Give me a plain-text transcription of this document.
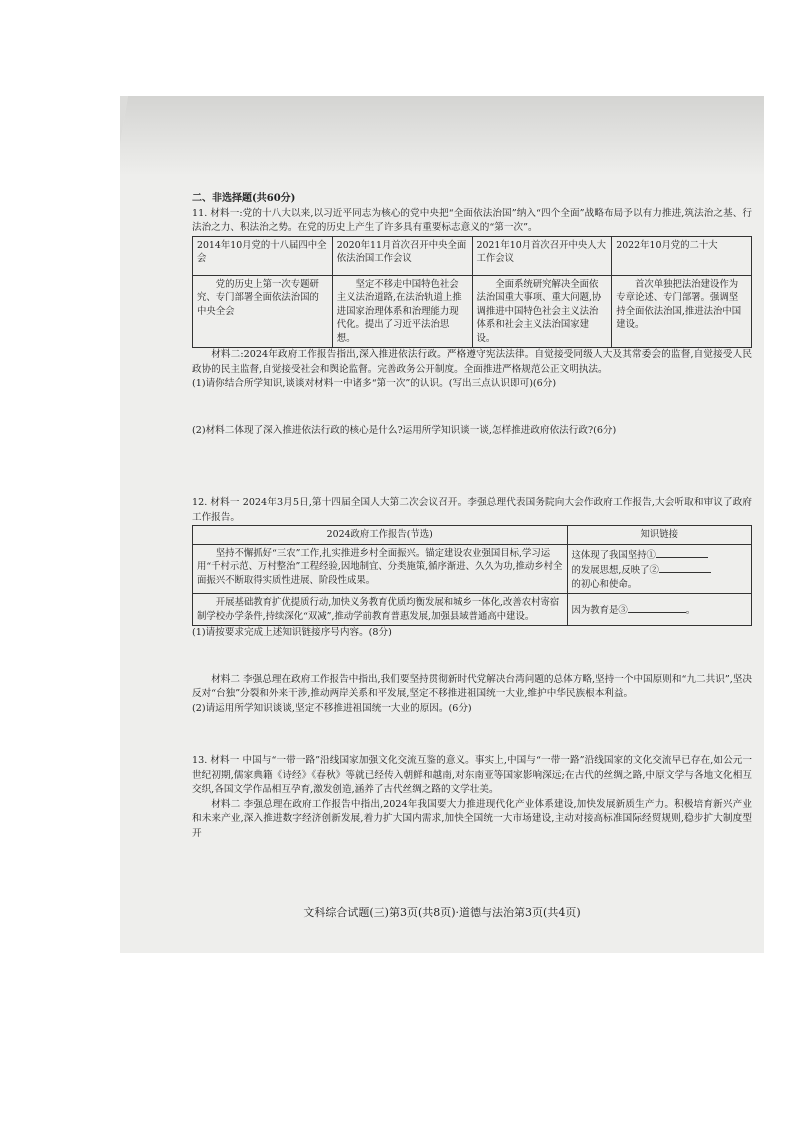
二、非选择题(共60分)

11. 材料一:党的十八大以来,以习近平同志为核心的党中央把“全面依法治国”纳入“四个全面”战略布局予以有力推进,筑法治之基、行法治之力、积法治之势。在党的历史上产生了许多具有重要标志意义的“第一次”。

2014年10月党的十八届四中全会	2020年11月首次召开中央全面依法治国工作会议	2021年10月首次召开中央人大工作会议	2022年10月党的二十大
党的历史上第一次专题研究、专门部署全面依法治国的中央全会	坚定不移走中国特色社会主义法治道路,在法治轨道上推进国家治理体系和治理能力现代化。提出了习近平法治思想。	全面系统研究解决全面依法治国重大事项、重大问题,协调推进中国特色社会主义法治体系和社会主义法治国家建设。	首次单独把法治建设作为专章论述、专门部署。强调坚持全面依法治国,推进法治中国建设。

材料二:2024年政府工作报告指出,深入推进依法行政。严格遵守宪法法律。自觉接受同级人大及其常委会的监督,自觉接受人民政协的民主监督,自觉接受社会和舆论监督。完善政务公开制度。全面推进严格规范公正文明执法。

(1)请你结合所学知识,谈谈对材料一中诸多“第一次”的认识。(写出三点认识即可)(6分)

(2)材料二体现了深入推进依法行政的核心是什么?运用所学知识谈一谈,怎样推进政府依法行政?(6分)

12. 材料一 2024年3月5日,第十四届全国人大第二次会议召开。李强总理代表国务院向大会作政府工作报告,大会听取和审议了政府工作报告。

2024政府工作报告(节选)	知识链接
坚持不懈抓好“三农”工作,扎实推进乡村全面振兴。锚定建设农业强国目标,学习运用“千村示范、万村整治”工程经验,因地制宜、分类施策,循序渐进、久久为功,推动乡村全面振兴不断取得实质性进展、阶段性成果。	这体现了我国坚持①
的发展思想,反映了②
的初心和使命。
开展基础教育扩优提质行动,加快义务教育优质均衡发展和城乡一体化,改善农村寄宿制学校办学条件,持续深化“双减”,推动学前教育普惠发展,加强县域普通高中建设。	因为教育是③ 。

(1)请按要求完成上述知识链接序号内容。(8分)

材料二 李强总理在政府工作报告中指出,我们要坚持贯彻新时代党解决台湾问题的总体方略,坚持一个中国原则和“九二共识”,坚决反对“台独”分裂和外来干涉,推动两岸关系和平发展,坚定不移推进祖国统一大业,维护中华民族根本利益。

(2)请运用所学知识谈谈,坚定不移推进祖国统一大业的原因。(6分)

13. 材料一 中国与“一带一路”沿线国家加强文化交流互鉴的意义。事实上,中国与“一带一路”沿线国家的文化交流早已存在,如公元一世纪初期,儒家典籍《诗经》《春秋》等就已经传入朝鲜和越南,对东南亚等国家影响深远;在古代的丝绸之路,中原文学与各地文化相互交织,各国文学作品相互孕育,激发创造,涵养了古代丝绸之路的文学壮美。

材料二 李强总理在政府工作报告中指出,2024年我国要大力推进现代化产业体系建设,加快发展新质生产力。积极培育新兴产业和未来产业,深入推进数字经济创新发展,着力扩大国内需求,加快全国统一大市场建设,主动对接高标准国际经贸规则,稳步扩大制度型开

文科综合试题(三)第3页(共8页)·道德与法治第3页(共4页)
